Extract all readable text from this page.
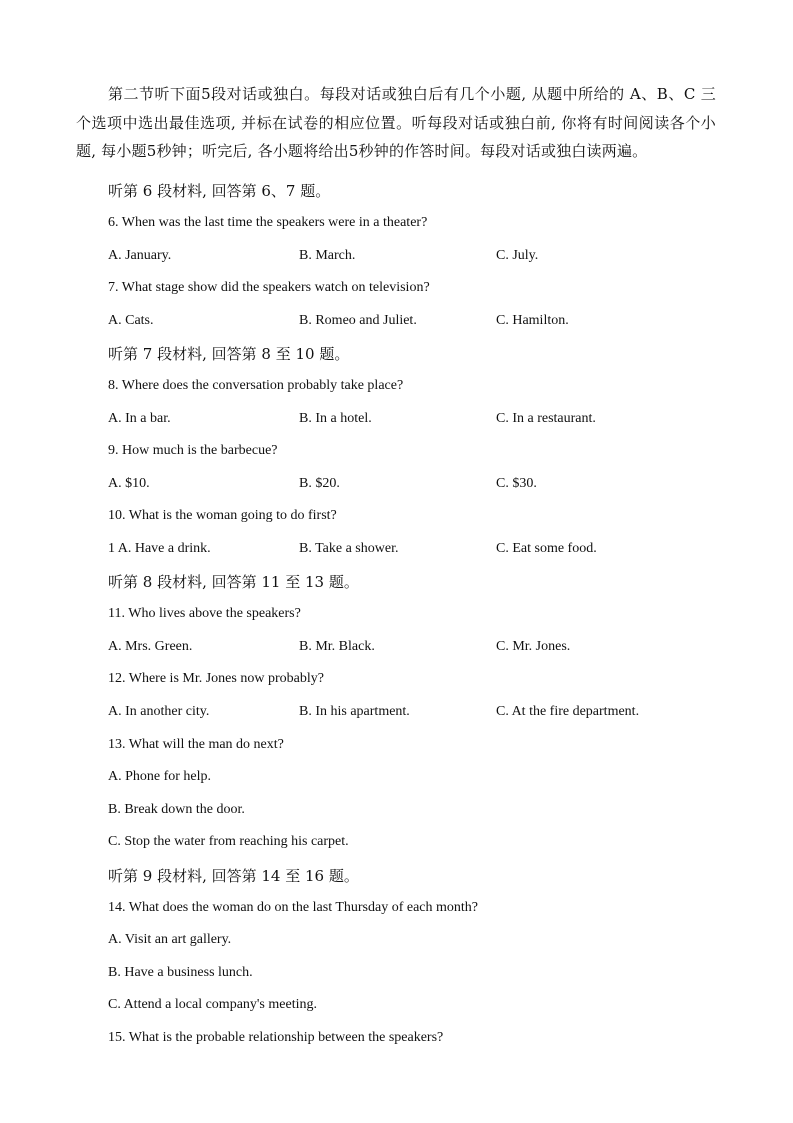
第二节听下面5段对话或独白。每段对话或独白后有几个小题, 从题中所给的 A、B、C 三个选项中选出最佳选项, 并标在试卷的相应位置。听每段对话或独白前, 你将有时间阅读各个小题, 每小题5秒钟；听完后, 各小题将给出5秒钟的作答时间。每段对话或独白读两遍。
听第 6 段材料, 回答第 6、7 题。
6. When was the last time the speakers were in a theater?
A. January.	B. March.	C. July.
7. What stage show did the speakers watch on television?
A. Cats.	B. Romeo and Juliet.	C. Hamilton.
听第 7 段材料, 回答第 8 至 10 题。
8. Where does the conversation probably take place?
A. In a bar.	B. In a hotel.	C. In a restaurant.
9. How much is the barbecue?
A. $10.	B. $20.	C. $30.
10. What is the woman going to do first?
1 A. Have a drink.	B. Take a shower.	C. Eat some food.
听第 8 段材料, 回答第 11 至 13 题。
11. Who lives above the speakers?
A. Mrs. Green.	B. Mr. Black.	C. Mr. Jones.
12. Where is Mr. Jones now probably?
A. In another city.	B. In his apartment.	C. At the fire department.
13. What will the man do next?
A. Phone for help.
B. Break down the door.
C. Stop the water from reaching his carpet.
听第 9 段材料, 回答第 14 至 16 题。
14. What does the woman do on the last Thursday of each month?
A. Visit an art gallery.
B. Have a business lunch.
C. Attend a local company's meeting.
15. What is the probable relationship between the speakers?
